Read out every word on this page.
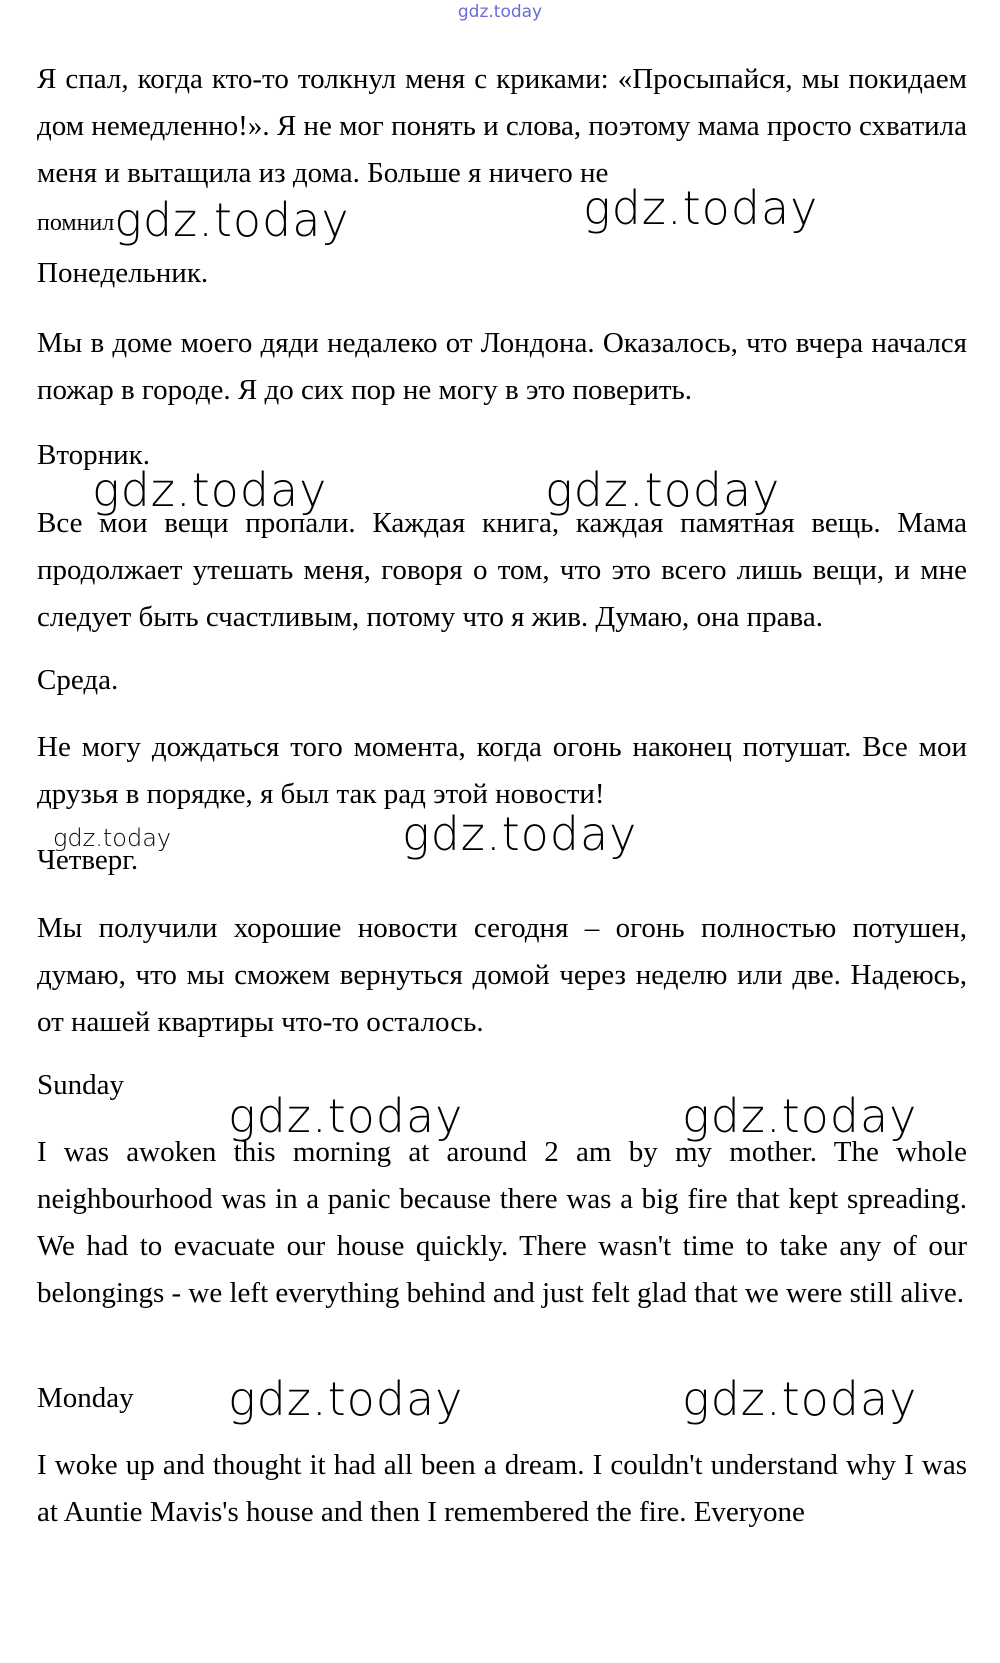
gdz.today

Я спал, когда кто-то толкнул меня с криками: «Просыпайся, мы покидаем дом немедленно!». Я не мог понять и слова, поэтому мама просто схватила меня и вытащила из дома. Больше я ничего не
помнилgdz.today	gdz.today

Понедельник.

Мы в доме моего дяди недалеко от Лондона. Оказалось, что вчера начался пожар в городе. Я до сих пор не могу в это поверить.

Вторник.

gdz.today	gdz.today

Все мои вещи пропали. Каждая книга, каждая памятная вещь. Мама продолжает утешать меня, говоря о том, что это всего лишь вещи, и мне следует быть счастливым, потому что я жив. Думаю, она права.

Среда.

Не могу дождаться того момента, когда огонь наконец потушат. Все мои друзья в порядке, я был так рад этой новости!

gdz.today	gdz.today

Четверг.

Мы получили хорошие новости сегодня – огонь полностью потушен, думаю, что мы сможем вернуться домой через неделю или две. Надеюсь, от нашей квартиры что-то осталось.

Sunday

gdz.today	gdz.today

I was awoken this morning at around 2 am by my mother. The whole neighbourhood was in a panic because there was a big fire that kept spreading. We had to evacuate our house quickly. There wasn't time to take any of our belongings - we left everything behind and just felt glad that we were still alive.

Monday gdz.today	gdz.today

I woke up and thought it had all been a dream. I couldn't understand why I was at Auntie Mavis's house and then I remembered the fire. Everyone
